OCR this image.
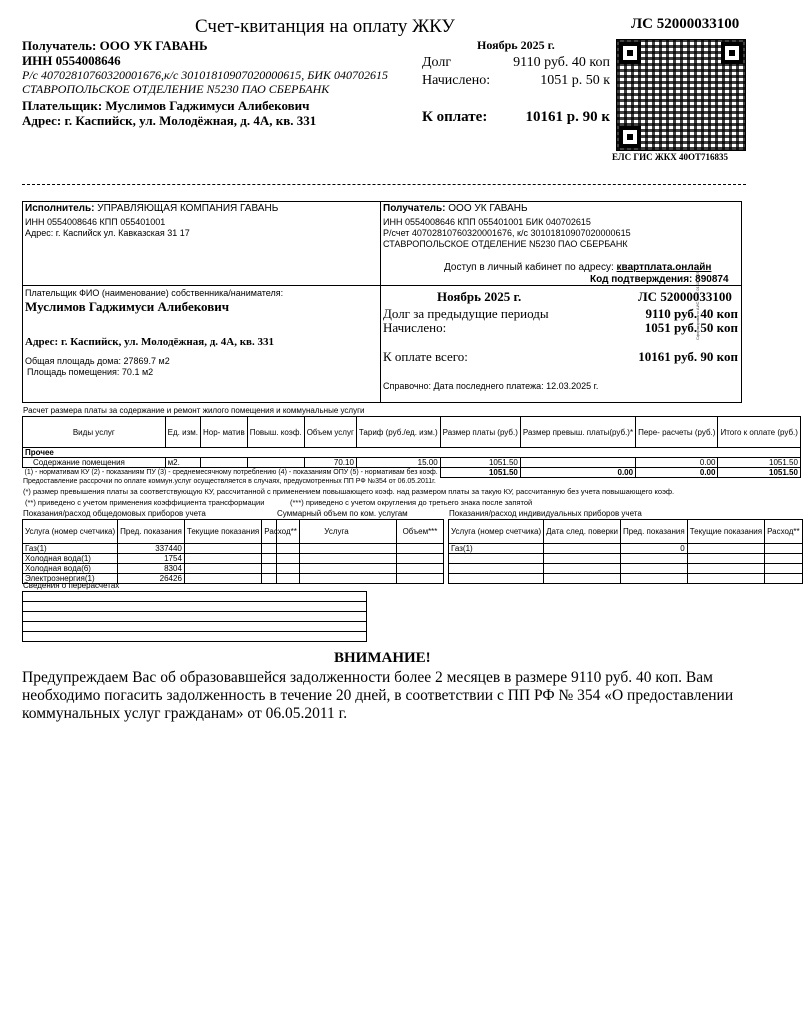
Счет-квитанция на оплату ЖКУ	ЛС 52000033100
Получатель: ООО УК ГАВАНЬ
ИНН 0554008646
Р/с 40702810760320001676,к/с 30101810907020000615, БИК 040702615
СТАВРОПОЛЬСКОЕ ОТДЕЛЕНИЕ N5230 ПАО СБЕРБАНК
Плательщик: Муслимов Гаджимуси Алибекович
Адрес: г. Каспийск, ул. Молодёжная, д. 4А, кв. 331
Ноябрь 2025 г.
Долг	9110 руб. 40 коп
Начислено:	1051 р. 50 к
К оплате:	10161 р. 90 к
ЕЛС ГИС ЖКХ 40ОТ716835
Исполнитель: УПРАВЛЯЮЩАЯ КОМПАНИЯ ГАВАНЬ
ИНН 0554008646 КПП 055401001
Адрес: г. Каспийск ул. Кавказская 31 17
Получатель: ООО УК ГАВАНЬ
ИНН 0554008646 КПП 055401001 БИК 040702615
Р/счет 40702810760320001676, к/с 30101810907020000615
СТАВРОПОЛЬСКОЕ ОТДЕЛЕНИЕ N5230 ПАО СБЕРБАНК
Доступ в личный кабинет по адресу: квартплата.онлайн
Код подтверждения: 890874
Плательщик ФИО (наименование) собственника/нанимателя:
Муслимов Гаджимуси Алибекович
Адрес: г. Каспийск, ул. Молодёжная, д. 4А, кв. 331
Общая площадь дома: 27869.7 м2
Площадь помещения: 70.1 м2
Ноябрь 2025 г.	ЛС 52000033100
Долг за предыдущие периоды	9110 руб. 40 коп
Начислено:	1051 руб. 50 коп
К оплате всего:	10161 руб. 90 коп
Справочно: Дата последнего платежа: 12.03.2025 г.
Сформировано АИС ЖКХ 01.11.2025
Расчет размера платы за содержание и ремонт жилого помещения и коммунальные услуги
Виды услуг	Ед. изм.	Нор- матив	Повыш. коэф.	Объем услуг	Тариф (руб./ед. изм.)	Размер платы (руб.)	Размер превыш. платы(руб.)*	Пере- расчеты (руб.)	Итого к оплате (руб.)
Прочее									
Содержание помещения	м2.			70.10	15.00	1051.50		0.00	1051.50
(1) - нормативам КУ (2) - показаниям ПУ (3) - среднемесячному потреблению (4) - показаниям ОПУ (5) - нормативам без коэф.						1051.50	0.00	0.00	1051.50
Предоставление рассрочки по оплате коммун.услуг осуществляется в случаях, предусмотренных ПП РФ №354 от 06.05.2011г.
(*) размер превышения платы за соответствующую КУ, рассчитанной с применением повышающего коэф. над размером платы за такую КУ, рассчитанную без учета повышающего коэф.
(**) приведено с учетом применения коэффициента трансформации	(***) приведено с учетом округления до третьего знака после запятой
Показания/расход общедомовых приборов учета	Суммарный объем по ком. услугам	Показания/расход индивидуальных приборов учета
Услуга (номер счетчика)	Пред. показания	Текущие показания	Расход**
Газ(1)	337440		
Холодная вода(1)	1754		
Холодная вода(6)	8304		
Электроэнергия(1)	26426		
Услуга	Объем***

	Услуга (номер счетчика)	Дата след. поверки	Пред. показания	Текущие показания	Расход**
Газ(1)		0		

Сведения о перерасчетах

ВНИМАНИЕ!
Предупреждаем Вас об образовавшейся задолженности более 2 месяцев в размере 9110 руб. 40 коп. Вам необходимо погасить задолженность в течение 20 дней, в соответствии с ПП РФ № 354 «О предоставлении коммунальных услуг гражданам» от 06.05.2011 г.
